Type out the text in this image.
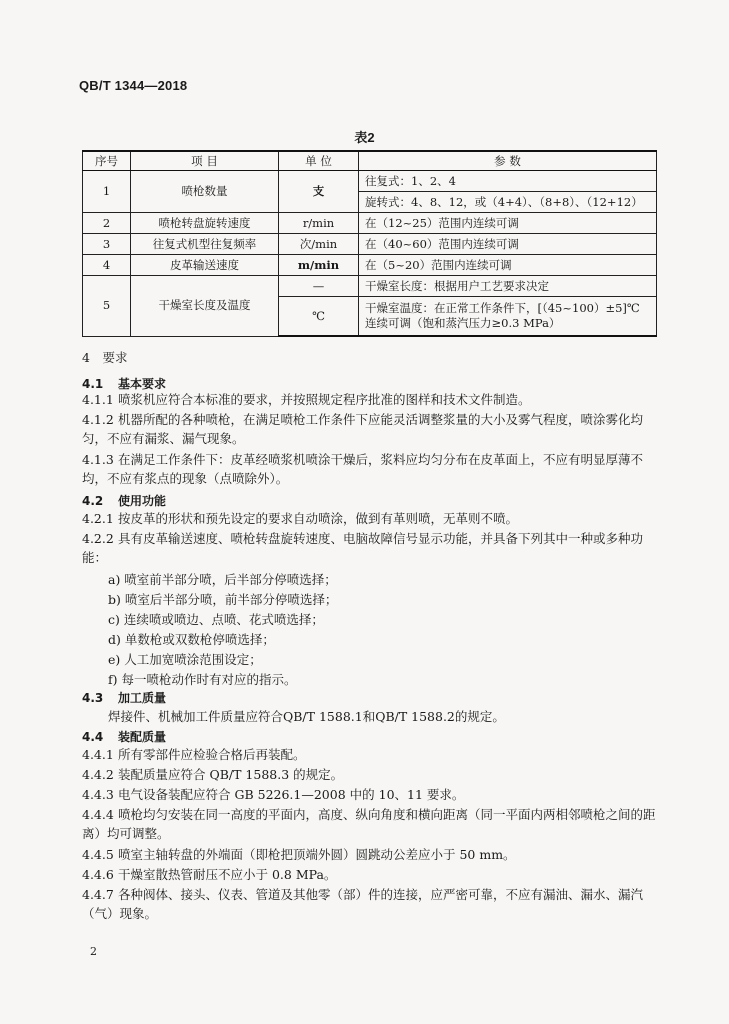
QB/T 1344—2018
表2
序号	项 目	单 位	参 数
1	喷枪数量	支	往复式：1、2、4
			旋转式：4、8、12，或（4+4）、（8+8）、（12+12）
2	喷枪转盘旋转速度	r/min	在（12~25）范围内连续可调
3	往复式机型往复频率	次/min	在（40~60）范围内连续可调
4	皮革输送速度	m/min	在（5~20）范围内连续可调
5	干燥室长度及温度	—	干燥室长度：根据用户工艺要求决定
		℃	干燥室温度：在正常工作条件下，[（45~100）±5]℃连续可调（饱和蒸汽压力≥0.3 MPa）
4　要求
4.1 基本要求
4.1.1 喷浆机应符合本标准的要求，并按照规定程序批准的图样和技术文件制造。
4.1.2 机器所配的各种喷枪，在满足喷枪工作条件下应能灵活调整浆量的大小及雾气程度，喷涂雾化均匀，不应有漏浆、漏气现象。
4.1.3 在满足工作条件下：皮革经喷浆机喷涂干燥后，浆料应均匀分布在皮革面上，不应有明显厚薄不均，不应有浆点的现象（点喷除外）。
4.2 使用功能
4.2.1 按皮革的形状和预先设定的要求自动喷涂，做到有革则喷，无革则不喷。
4.2.2 具有皮革输送速度、喷枪转盘旋转速度、电脑故障信号显示功能，并具备下列其中一种或多种功能：
a) 喷室前半部分喷，后半部分停喷选择；
b) 喷室后半部分喷，前半部分停喷选择；
c) 连续喷或喷边、点喷、花式喷选择；
d) 单数枪或双数枪停喷选择；
e) 人工加宽喷涂范围设定；
f) 每一喷枪动作时有对应的指示。
4.3 加工质量
焊接件、机械加工件质量应符合QB/T 1588.1和QB/T 1588.2的规定。
4.4 装配质量
4.4.1 所有零部件应检验合格后再装配。
4.4.2 装配质量应符合 QB/T 1588.3 的规定。
4.4.3 电气设备装配应符合 GB 5226.1—2008 中的 10、11 要求。
4.4.4 喷枪均匀安装在同一高度的平面内，高度、纵向角度和横向距离（同一平面内两相邻喷枪之间的距离）均可调整。
4.4.5 喷室主轴转盘的外端面（即枪把顶端外圆）圆跳动公差应小于 50 mm。
4.4.6 干燥室散热管耐压不应小于 0.8 MPa。
4.4.7 各种阀体、接头、仪表、管道及其他零（部）件的连接，应严密可靠，不应有漏油、漏水、漏汽（气）现象。
2
